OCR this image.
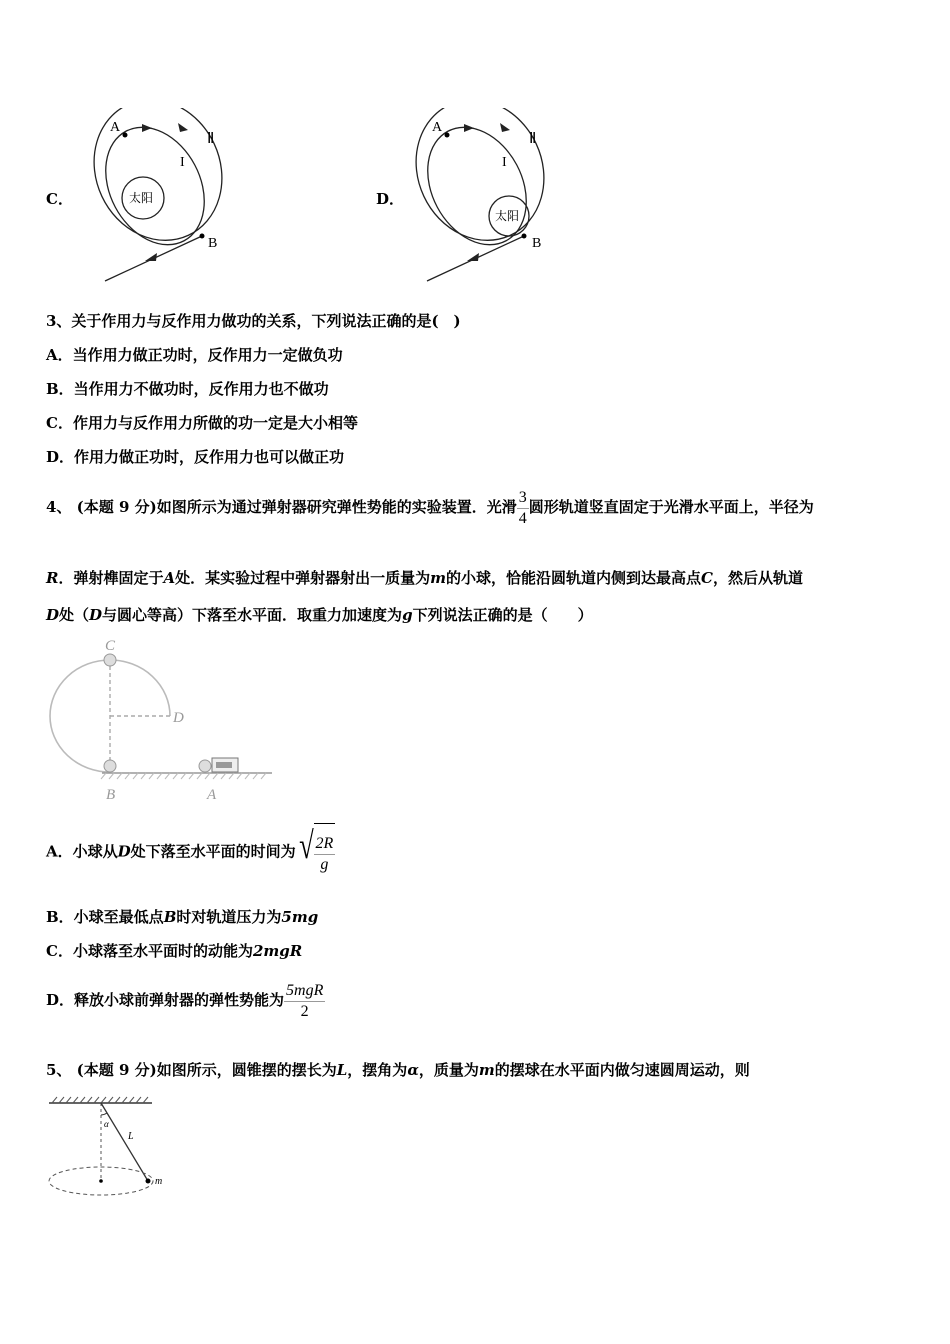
C．
A
B
I
Ⅱ
太阳	D．
A
B
I
Ⅱ
太阳
3、关于作用力与反作用力做功的关系，下列说法正确的是(　)
A．当作用力做正功时，反作用力一定做负功
B．当作用力不做功时，反作用力也不做功
C．作用力与反作用力所做的功一定是大小相等
D．作用力做正功时，反作用力也可以做正功
4、 (本题 9 分)如图所示为通过弹射器研究弹性势能的实验装置．光滑 $\frac{3}{4}$ 圆形轨道竖直固定于光滑水平面上，半径为
R．弹射榫固定于A处．某实验过程中弹射器射出一质量为m的小球，恰能沿圆轨道内侧到达最高点C，然后从轨道
D处（D与圆心等高）下落至水平面．取重力加速度为g下列说法正确的是（　　）
C
D
B	A
A．小球从D处下落至水平面的时间为 √ $\frac{2R}{g}$
B．小球至最低点B时对轨道压力为5mg
C．小球落至水平面时的动能为2mgR
D．释放小球前弹射器的弹性势能为 $\frac{\text{5mgR}}{2}$
5、 (本题 9 分)如图所示，圆锥摆的摆长为L，摆角为α，质量为m的摆球在水平面内做匀速圆周运动，则
α
L
m
